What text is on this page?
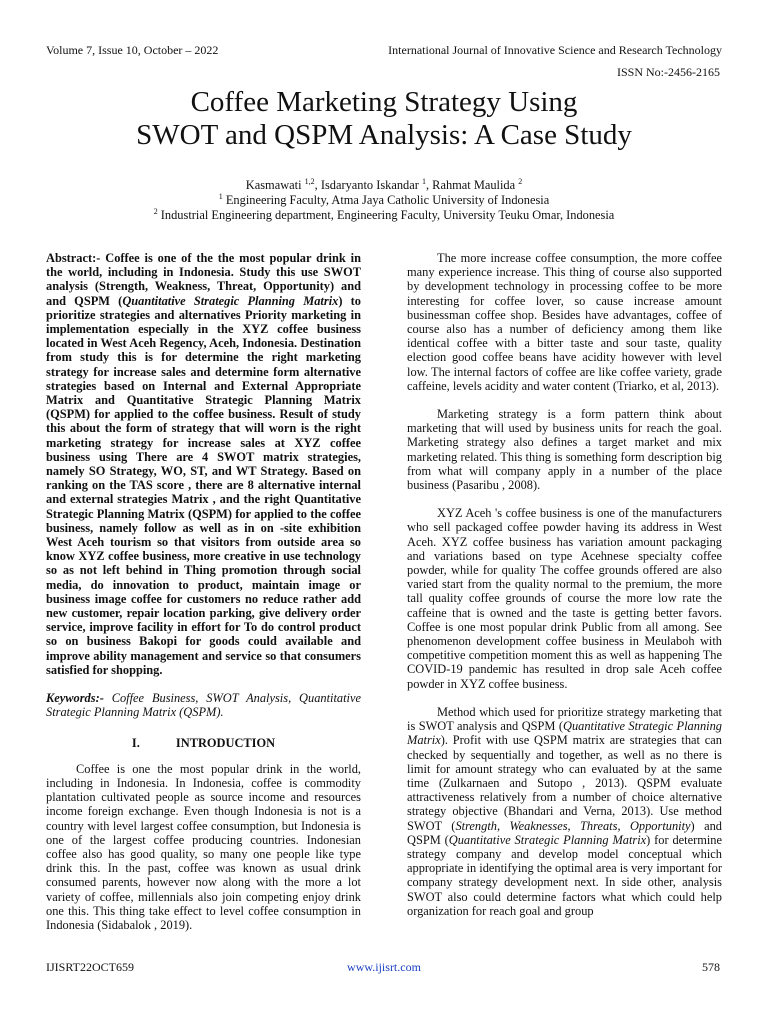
Volume 7, Issue 10, October – 2022	International Journal of Innovative Science and Research Technology
ISSN No:-2456-2165
Coffee Marketing Strategy Using
SWOT and QSPM Analysis: A Case Study
Kasmawati $^{1,2}$, Isdaryanto Iskandar $^1$, Rahmat Maulida $^2$
$^1$ Engineering Faculty, Atma Jaya Catholic University of Indonesia
$^2$ Industrial Engineering department, Engineering Faculty, University Teuku Omar, Indonesia

Abstract:- Coffee is one of the the most popular drink in the world, including in Indonesia. Study this use SWOT analysis (Strength, Weakness, Threat, Opportunity) and and QSPM (Quantitative Strategic Planning Matrix) to prioritize strategies and alternatives Priority marketing in implementation especially in the XYZ coffee business located in West Aceh Regency, Aceh, Indonesia. Destination from study this is for determine the right marketing strategy for increase sales and determine form alternative strategies based on Internal and External Appropriate Matrix and Quantitative Strategic Planning Matrix (QSPM) for applied to the coffee business. Result of study this about the form of strategy that will worn is the right marketing strategy for increase sales at XYZ coffee business using There are 4 SWOT matrix strategies, namely SO Strategy, WO, ST, and WT Strategy. Based on ranking on the TAS score , there are 8 alternative internal and external strategies Matrix , and the right Quantitative Strategic Planning Matrix (QSPM) for applied to the coffee business, namely follow as well as in on -site exhibition West Aceh tourism so that visitors from outside area so know XYZ coffee business, more creative in use technology so as not left behind in Thing promotion through social media, do innovation to product, maintain image or business image coffee for customers no reduce rather add new customer, repair location parking, give delivery order service, improve facility in effort for To do control product so on business Bakopi for goods could available and improve ability management and service so that consumers satisfied for shopping.

Keywords:- Coffee Business, SWOT Analysis, Quantitative Strategic Planning Matrix (QSPM).

I.	INTRODUCTION

Coffee is one the most popular drink in the world, including in Indonesia. In Indonesia, coffee is commodity plantation cultivated people as source income and resources income foreign exchange. Even though Indonesia is not is a country with level largest coffee consumption, but Indonesia is one of the largest coffee producing countries. Indonesian coffee also has good quality, so many one people like type drink this. In the past, coffee was known as usual drink consumed parents, however now along with the more a lot variety of coffee, millennials also join competing enjoy drink one this. This thing take effect to level coffee consumption in Indonesia (Sidabalok , 2019).

The more increase coffee consumption, the more coffee many experience increase. This thing of course also supported by development technology in processing coffee to be more interesting for coffee lover, so cause increase amount businessman coffee shop. Besides have advantages, coffee of course also has a number of deficiency among them like identical coffee with a bitter taste and sour taste, quality election good coffee beans have acidity however with level low. The internal factors of coffee are like coffee variety, grade caffeine, levels acidity and water content (Triarko, et al, 2013).

Marketing strategy is a form pattern think about marketing that will used by business units for reach the goal. Marketing strategy also defines a target market and mix marketing related. This thing is something form description big from what will company apply in a number of the place business (Pasaribu , 2008).

XYZ Aceh 's coffee business is one of the manufacturers who sell packaged coffee powder having its address in West Aceh. XYZ coffee business has variation amount packaging and variations based on type Acehnese specialty coffee powder, while for quality The coffee grounds offered are also varied start from the quality normal to the premium, the more tall quality coffee grounds of course the more low rate the caffeine that is owned and the taste is getting better favors. Coffee is one most popular drink Public from all among. See phenomenon development coffee business in Meulaboh with competitive competition moment this as well as happening The COVID-19 pandemic has resulted in drop sale Aceh coffee powder in XYZ coffee business.

Method which used for prioritize strategy marketing that is SWOT analysis and QSPM (Quantitative Strategic Planning Matrix). Profit with use QSPM matrix are strategies that can checked by sequentially and together, as well as no there is limit for amount strategy who can evaluated by at the same time (Zulkarnaen and Sutopo , 2013). QSPM evaluate attractiveness relatively from a number of choice alternative strategy objective (Bhandari and Verna, 2013). Use method SWOT (Strength, Weaknesses, Threats, Opportunity) and QSPM (Quantitative Strategic Planning Matrix) for determine strategy company and develop model conceptual which appropriate in identifying the optimal area is very important for company strategy development next. In side other, analysis SWOT also could determine factors what which could help organization for reach goal and group

IJISRT22OCT659	www.ijisrt.com	578
